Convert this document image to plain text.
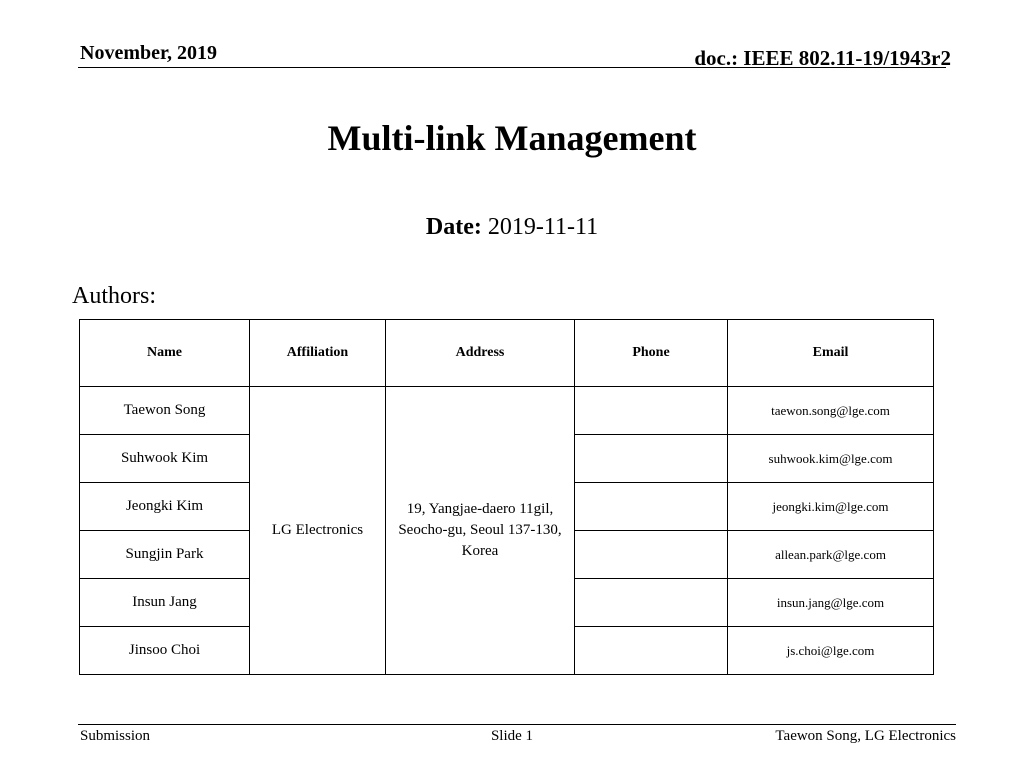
November, 2019	doc.: IEEE 802.11-19/1943r2

Multi-link Management

Date: 2019-11-11

Authors:

Name	Affiliation	Address	Phone	Email
Taewon Song	LG Electronics	19, Yangjae-daero 11gil, Seocho-gu, Seoul 137-130, Korea		taewon.song@lge.com
Suhwook Kim				suhwook.kim@lge.com
Jeongki Kim				jeongki.kim@lge.com
Sungjin Park				allean.park@lge.com
Insun Jang				insun.jang@lge.com
Jinsoo Choi				js.choi@lge.com

Submission	Slide 1	Taewon Song, LG Electronics
